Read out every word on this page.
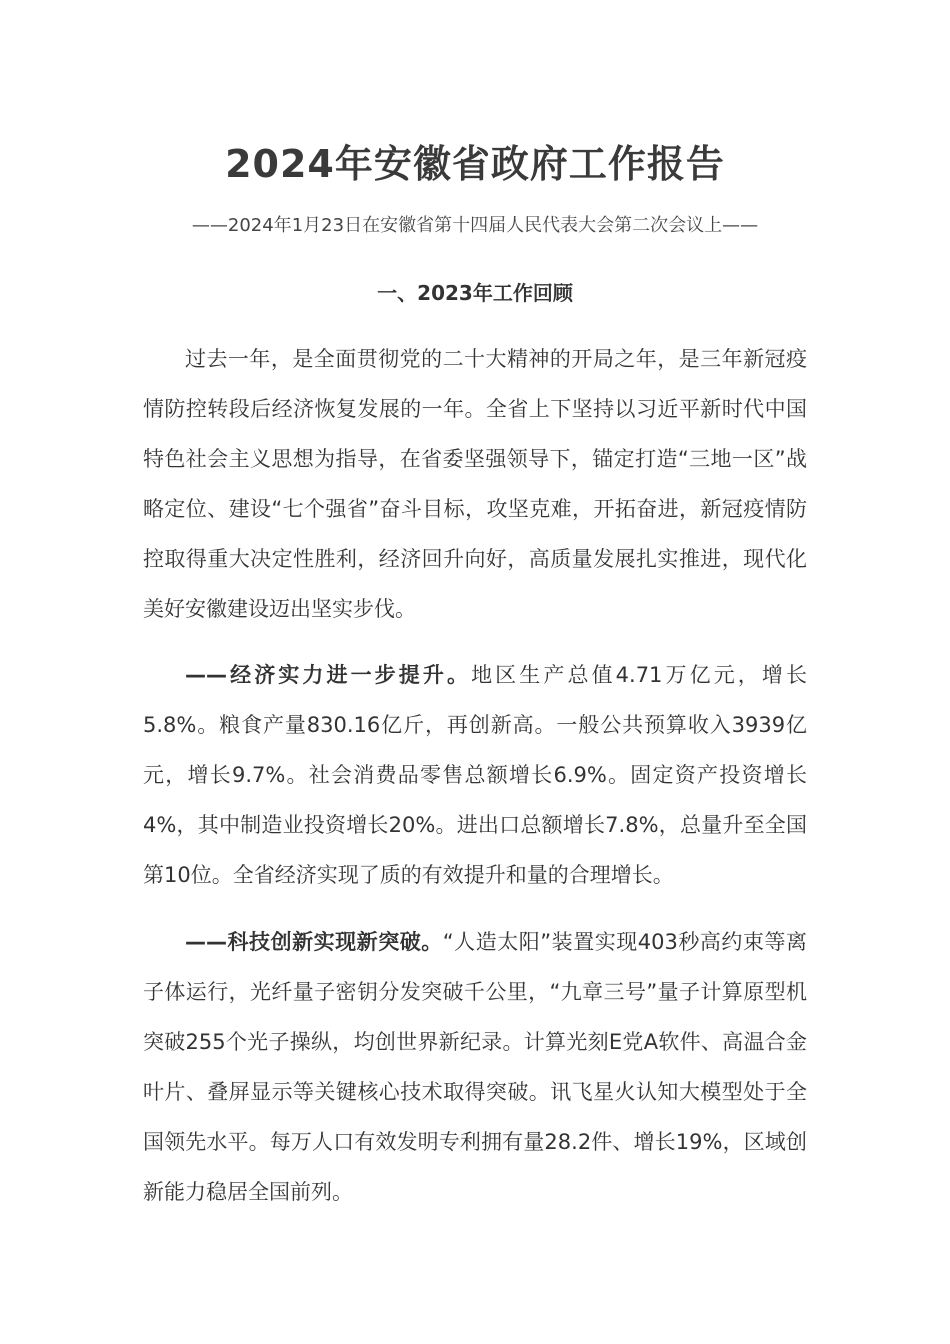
2024年安徽省政府工作报告
——2024年1月23日在安徽省第十四届人民代表大会第二次会议上——
一、2023年工作回顾

过去一年，是全面贯彻党的二十大精神的开局之年，是三年新冠疫情防控转段后经济恢复发展的一年。全省上下坚持以习近平新时代中国特色社会主义思想为指导，在省委坚强领导下，锚定打造“三地一区”战略定位、建设“七个强省”奋斗目标，攻坚克难，开拓奋进，新冠疫情防控取得重大决定性胜利，经济回升向好，高质量发展扎实推进，现代化美好安徽建设迈出坚实步伐。

——经济实力进一步提升。地区生产总值4.71万亿元，增长5.8%。粮食产量830.16亿斤，再创新高。一般公共预算收入3939亿元，增长9.7%。社会消费品零售总额增长6.9%。固定资产投资增长4%，其中制造业投资增长20%。进出口总额增长7.8%，总量升至全国第10位。全省经济实现了质的有效提升和量的合理增长。

——科技创新实现新突破。“人造太阳”装置实现403秒高约束等离子体运行，光纤量子密钥分发突破千公里，“九章三号”量子计算原型机突破255个光子操纵，均创世界新纪录。计算光刻E党A软件、高温合金叶片、叠屏显示等关键核心技术取得突破。讯飞星火认知大模型处于全国领先水平。每万人口有效发明专利拥有量28.2件、增长19%，区域创新能力稳居全国前列。
